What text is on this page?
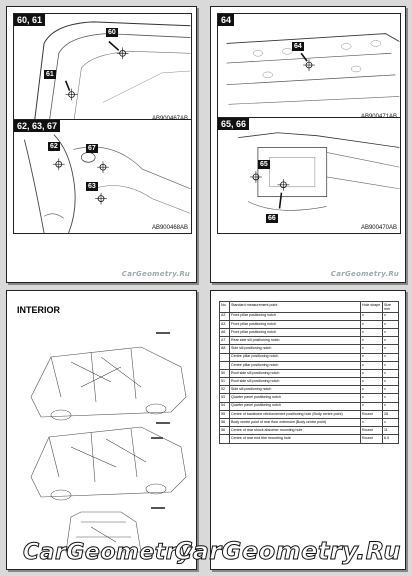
60, 61
60
61
AB900467AB
62, 63, 67
62	67
63
AB900468AB
CarGeometry.Ru
64
64
AB900471AB
65, 66
65
66
AB900470AB
CarGeometry.Ru
INTERIOR
CarGeometry
No.	Standard measurement point	Hole shape	Size mm
A3	Front pillar positioning notch	x	x
A3	Front pillar positioning notch	x	x
A6	Front pillar positioning notch	x	x
A7	Rear side sill positioning notch	x	x
A8	Side sill positioning notch	x	x
	Centre pillar positioning notch	x	x
	Centre pillar positioning notch	x	x
50	Roof side sill positioning notch	x	x
51	Roof side sill positioning notch	x	x
52	Side sill positioning notch	x	x
53	Quarter panel positioning notch	x	x
54	Quarter panel positioning notch	x	x
55	Centre of backbone reinforcement positioning hole (Body centre point)	Round	28
56	Body centre point of rear floor extension (Body centre point)	x	x
56	Centre of rear shock absorber mounting hole	Round	11
	Centre of rear end trim mounting hole	Round	6.5
CarGeometry.Ru
